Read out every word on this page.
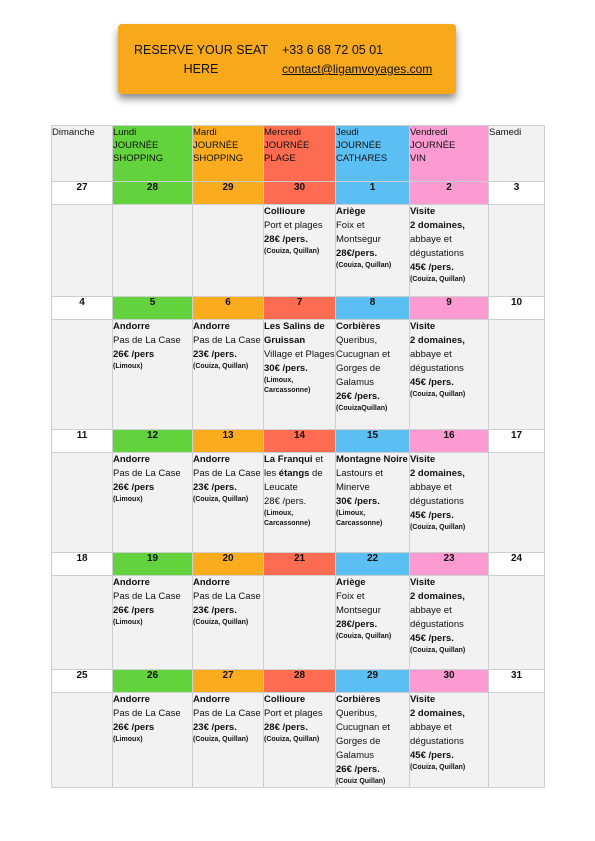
RESERVE YOUR SEAT HERE
+33 6 68 72 05 01
contact@ligamvoyages.com
Dimanche	Lundi
JOURNÉE
SHOPPING	Mardi
JOURNÉE
SHOPPING	Mercredi
JOURNÉE
PLAGE	Jeudi
JOURNÉE
CATHARES	Vendredi
JOURNÉE
VIN	Samedi

27	28	29	30	1	2	3

			Collioure
Port et plages
28€ /pers.
(Couiza, Quillan)	Ariège
Foix et Montsegur
28€/pers.
(Couiza, Quillan)	Visite
2 domaines,
abbaye et dégustations
45€ /pers.
(Couiza, Quillan)	

4	5	6	7	8	9	10

	Andorre
Pas de La Case
26€ /pers
(Limoux)	Andorre
Pas de La Case
23€ /pers.
(Couiza, Quillan)	Les Salins de Gruissan
Village et Plages
30€ /pers.
(Limoux, Carcassonne)	Corbières
Queribus, Cucugnan et Gorges de Galamus
26€ /pers.
(CouizaQuillan)	Visite
2 domaines,
abbaye et dégustations
45€ /pers.
(Couiza, Quillan)	

11	12	13	14	15	16	17

	Andorre
Pas de La Case
26€ /pers
(Limoux)	Andorre
Pas de La Case
23€ /pers.
(Couiza, Quillan)	La Franqui et les étangs de Leucate
28€ /pers.
(Limoux, Carcassonne)	Montagne Noire
Lastours et Minerve
30€ /pers.
(Limoux, Carcassonne)	Visite
2 domaines,
abbaye et dégustations
45€ /pers.
(Couiza, Quillan)	

18	19	20	21	22	23	24

	Andorre
Pas de La Case
26€ /pers
(Limoux)	Andorre
Pas de La Case
23€ /pers.
(Couiza, Quillan)		Ariège
Foix et Montsegur
28€/pers.
(Couiza, Quillan)	Visite
2 domaines,
abbaye et dégustations
45€ /pers.
(Couiza, Quillan)	

25	26	27	28	29	30	31

	Andorre
Pas de La Case
26€ /pers
(Limoux)	Andorre
Pas de La Case
23€ /pers.
(Couiza, Quillan)	Collioure
Port et plages
28€ /pers.
(Couiza, Quillan)	Corbières
Queribus, Cucugnan et Gorges de Galamus
26€ /pers.
(Couiz Quillan)	Visite
2 domaines,
abbaye et dégustations
45€ /pers.
(Couiza, Quillan)	
